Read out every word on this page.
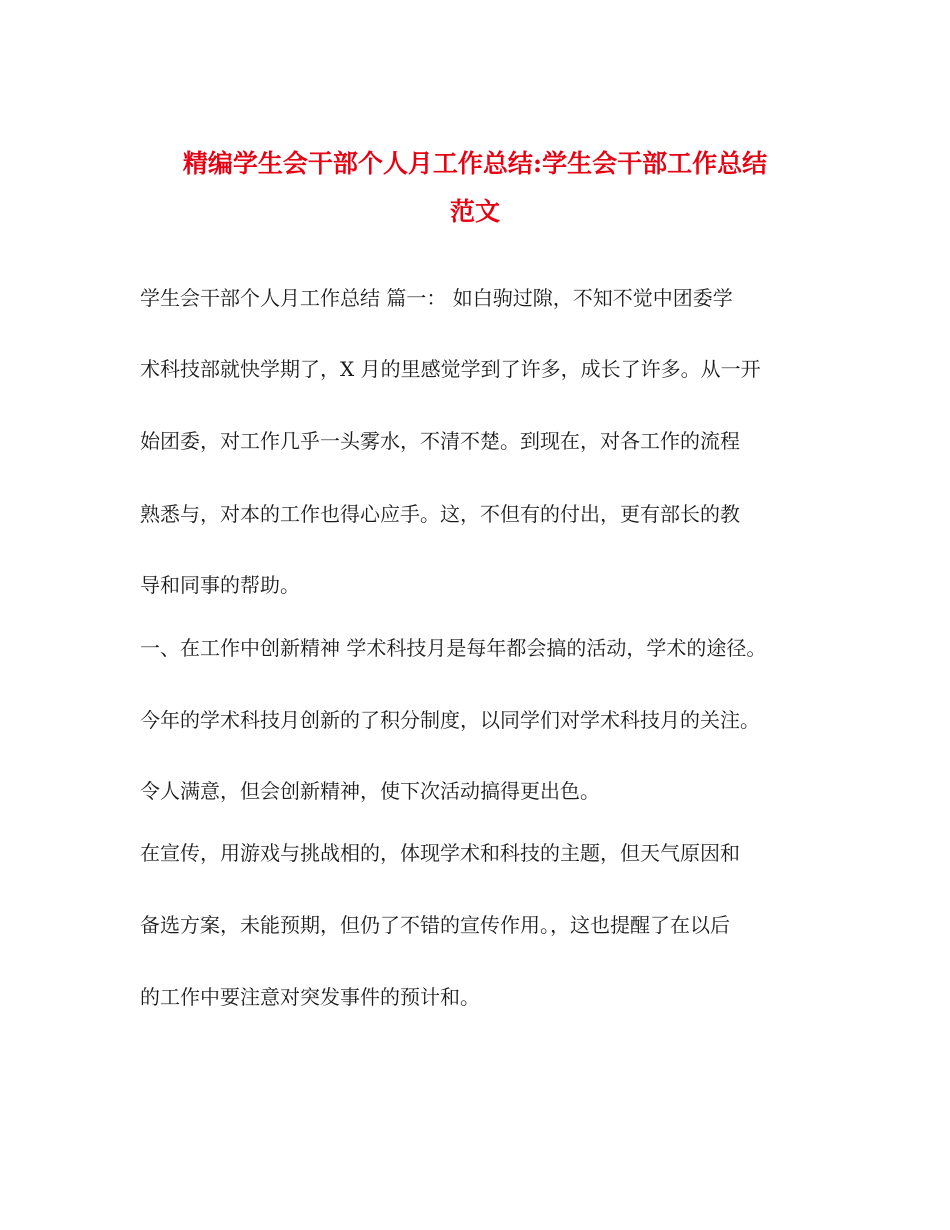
精编学生会干部个人月工作总结:学生会干部工作总结
范文
学生会干部个人月工作总结 篇一： 如白驹过隙，不知不觉中团委学
术科技部就快学期了，X 月的里感觉学到了许多，成长了许多。从一开
始团委，对工作几乎一头雾水，不清不楚。到现在，对各工作的流程
熟悉与，对本的工作也得心应手。这，不但有的付出，更有部长的教
导和同事的帮助。
一、在工作中创新精神 学术科技月是每年都会搞的活动，学术的途径。
今年的学术科技月创新的了积分制度，以同学们对学术科技月的关注。
令人满意，但会创新精神，使下次活动搞得更出色。
在宣传，用游戏与挑战相的，体现学术和科技的主题，但天气原因和
备选方案，未能预期，但仍了不错的宣传作用。，这也提醒了在以后
的工作中要注意对突发事件的预计和。
